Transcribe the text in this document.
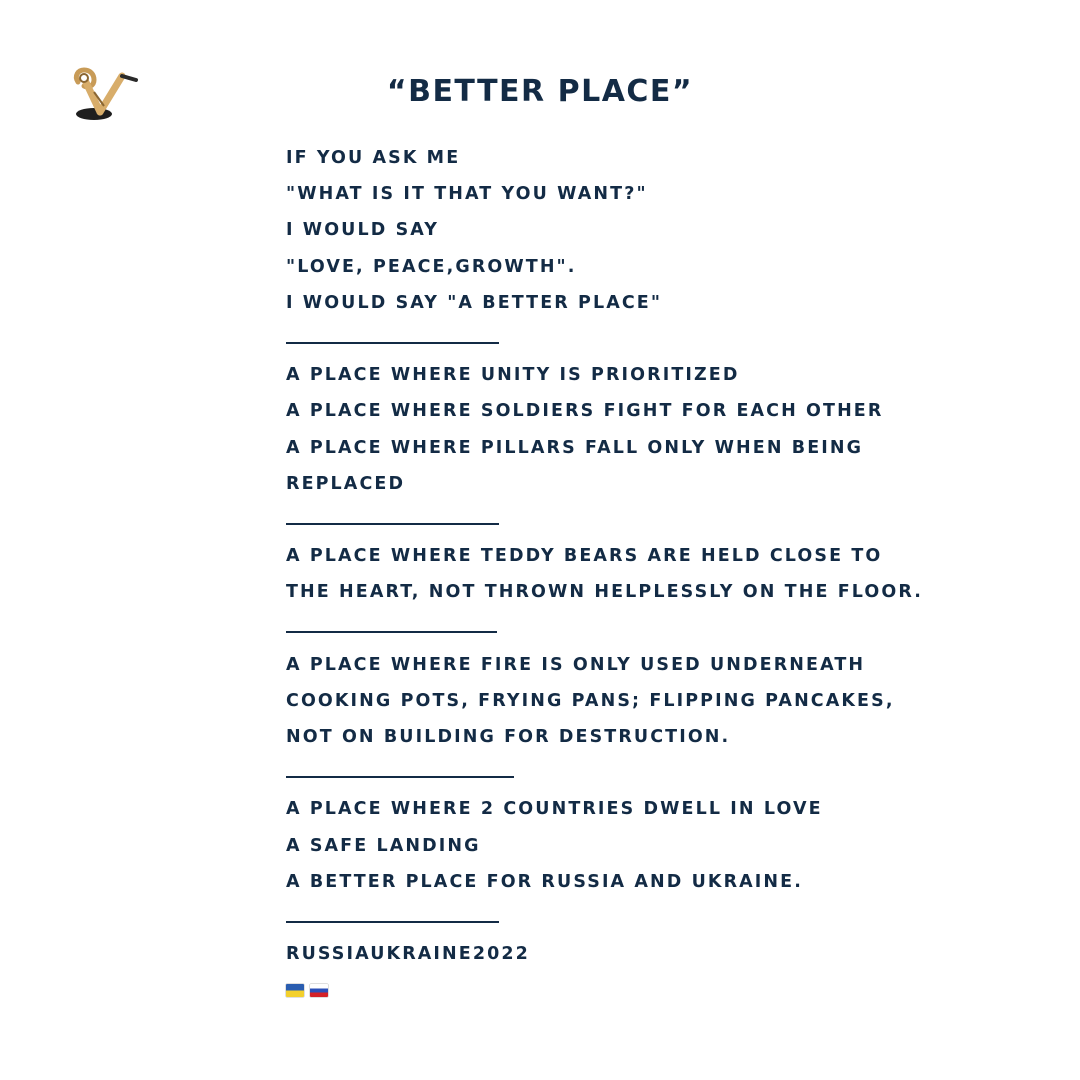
“BETTER PLACE”
IF YOU ASK ME
"WHAT IS IT THAT YOU WANT?"
I WOULD SAY
"LOVE, PEACE,GROWTH".
I WOULD SAY "A BETTER PLACE"
A PLACE WHERE UNITY IS PRIORITIZED
A PLACE WHERE SOLDIERS FIGHT FOR EACH OTHER
A PLACE WHERE PILLARS FALL ONLY WHEN BEING
REPLACED
A PLACE WHERE TEDDY BEARS ARE HELD CLOSE TO
THE HEART, NOT THROWN HELPLESSLY ON THE FLOOR.
A PLACE WHERE FIRE IS ONLY USED UNDERNEATH
COOKING POTS, FRYING PANS; FLIPPING PANCAKES,
NOT ON BUILDING FOR DESTRUCTION.
A PLACE WHERE 2 COUNTRIES DWELL IN LOVE
A SAFE LANDING
A BETTER PLACE FOR RUSSIA AND UKRAINE.
RUSSIAUKRAINE2022
